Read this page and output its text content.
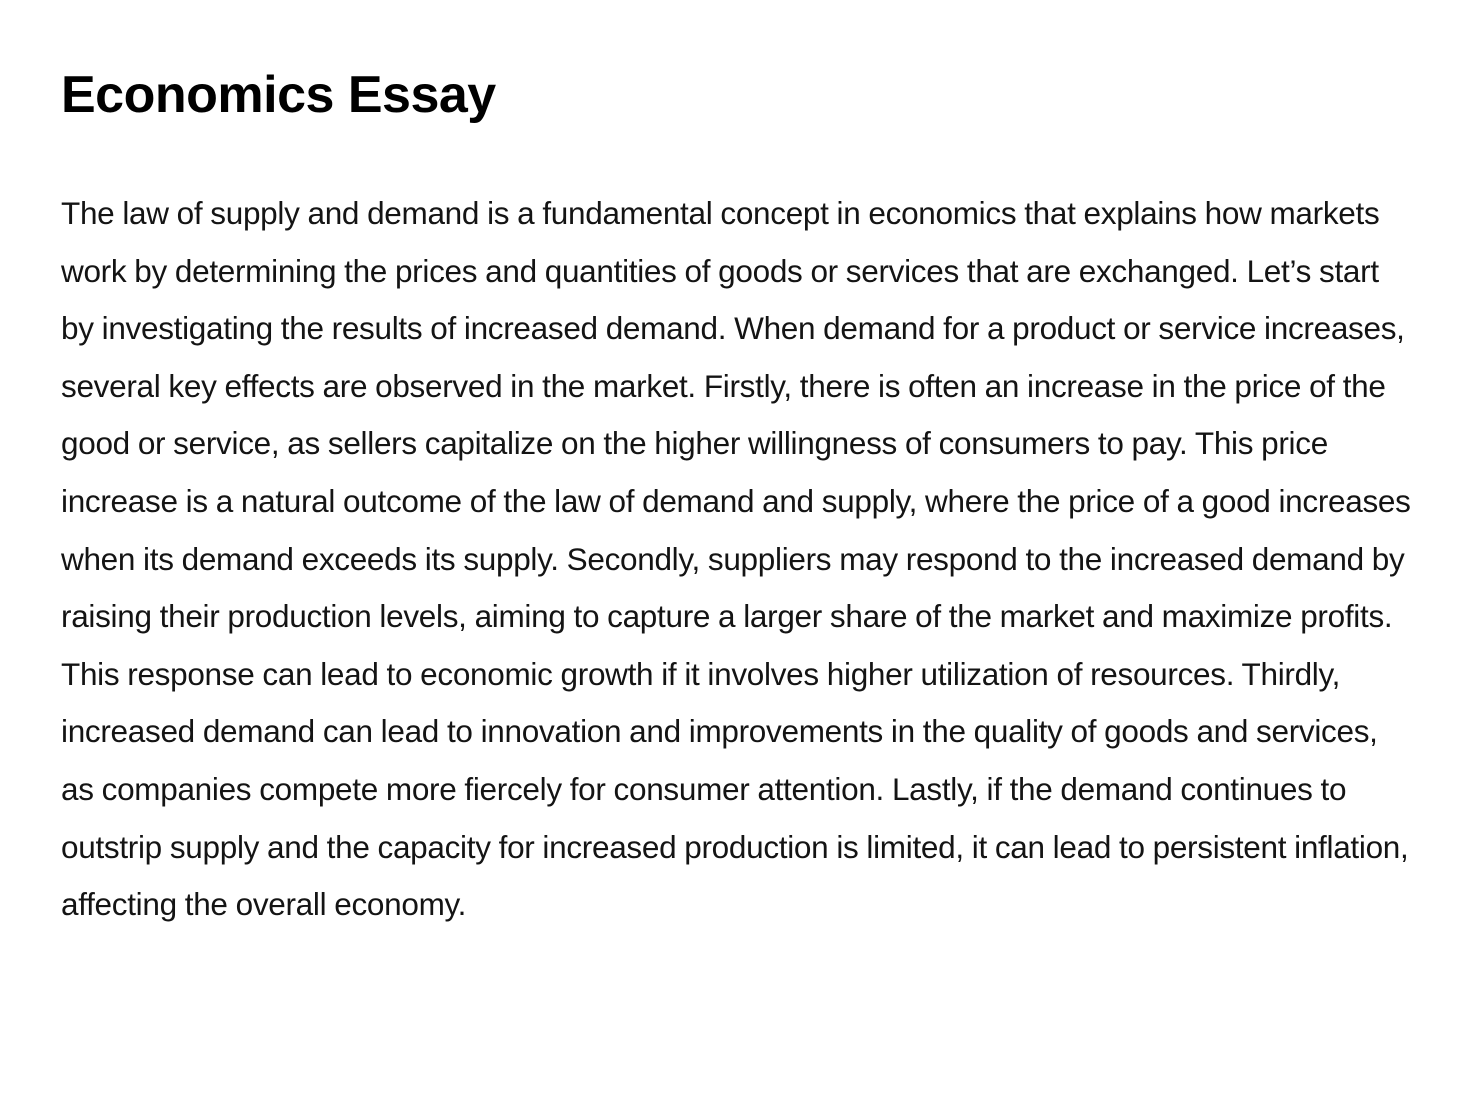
Economics Essay

The law of supply and demand is a fundamental concept in economics that explains how markets work by determining the prices and quantities of goods or services that are exchanged. Let’s start by investigating the results of increased demand. When demand for a product or service increases, several key effects are observed in the market. Firstly, there is often an increase in the price of the good or service, as sellers capitalize on the higher willingness of consumers to pay. This price increase is a natural outcome of the law of demand and supply, where the price of a good increases when its demand exceeds its supply. Secondly, suppliers may respond to the increased demand by raising their production levels, aiming to capture a larger share of the market and maximize profits. This response can lead to economic growth if it involves higher utilization of resources. Thirdly, increased demand can lead to innovation and improvements in the quality of goods and services, as companies compete more fiercely for consumer attention. Lastly, if the demand continues to outstrip supply and the capacity for increased production is limited, it can lead to persistent inflation, affecting the overall economy.
